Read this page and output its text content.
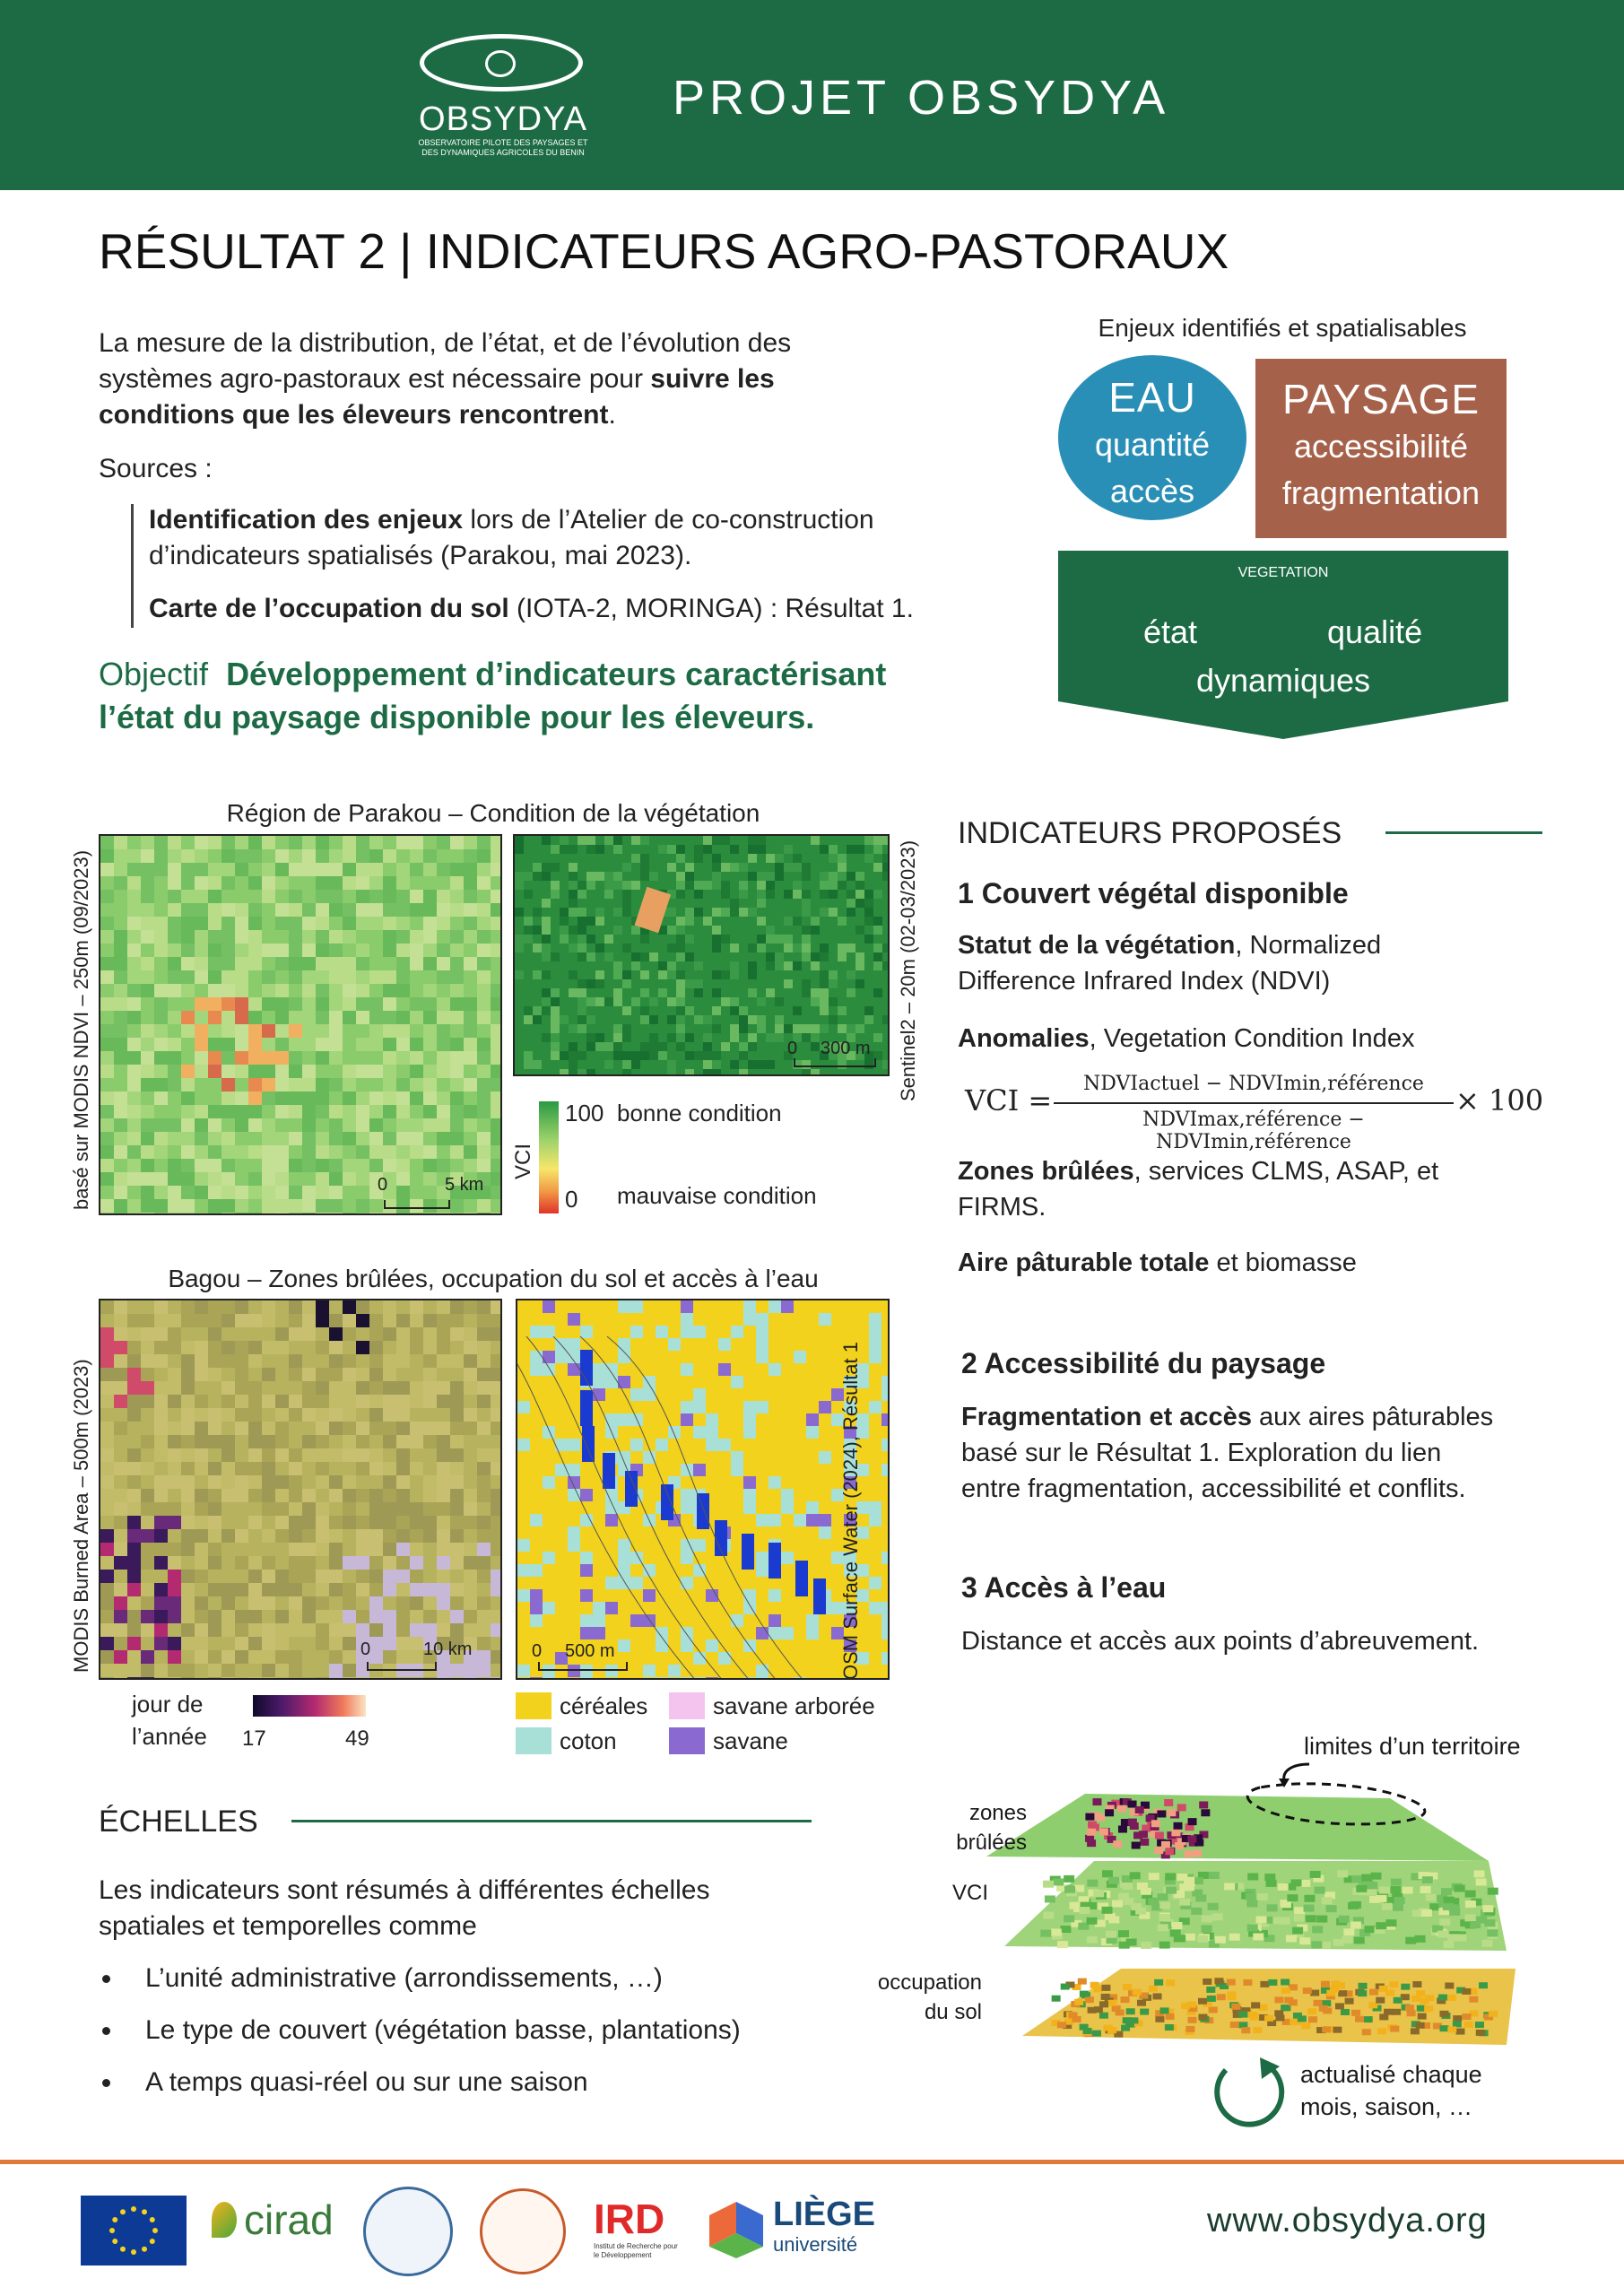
OBSYDYA
OBSERVATOIRE PILOTE DES PAYSAGES ET DES DYNAMIQUES AGRICOLES DU BENIN
PROJET OBSYDYA
RÉSULTAT 2 | INDICATEURS AGRO-PASTORAUX
La mesure de la distribution, de l’état, et de l’évolution des
systèmes agro-pastoraux est nécessaire pour suivre les
conditions que les éleveurs rencontrent.
Sources :
Identification des enjeux lors de l’Atelier de co-construction
d’indicateurs spatialisés (Parakou, mai 2023).
Carte de l’occupation du sol (IOTA-2, MORINGA) : Résultat 1.
Objectif Développement d’indicateurs caractérisant
l’état du paysage disponible pour les éleveurs.
Enjeux identifiés et spatialisables
EAU
quantité
accès
PAYSAGE
accessibilité
fragmentation
VEGETATION
état	qualité
dynamiques
Région de Parakou – Condition de la végétation
basé sur MODIS NDVI – 250m (09/2023)	Sentinel2 – 20m (02-03/2023)
0	5 km
0 300 m
VCI
100 bonne condition
0 mauvaise condition
Bagou – Zones brûlées, occupation du sol et accès à l’eau
MODIS Burned Area – 500m (2023)	OSM Surface Water (2024), Résultat 1
0	10 km	0 500 m
jour de
l’année 17	49
céréales
coton
savane arborée
savane
INDICATEURS PROPOSÉS
1 Couvert végétal disponible
Statut de la végétation, Normalized
Difference Infrared Index (NDVI)
Anomalies, Vegetation Condition Index
VCI =	NDVIactuel − NDVImin,référence
NDVImax,référence − NDVImin,référence
× 100
Zones brûlées, services CLMS, ASAP, et
FIRMS.
Aire pâturable totale et biomasse
2 Accessibilité du paysage
Fragmentation et accès aux aires pâturables
basé sur le Résultat 1. Exploration du lien
entre fragmentation, accessibilité et conflits.
3 Accès à l’eau
Distance et accès aux points d’abreuvement.
ÉCHELLES
Les indicateurs sont résumés à différentes échelles
spatiales et temporelles comme
L’unité administrative (arrondissements, …)
Le type de couvert (végétation basse, plantations)
A temps quasi-réel ou sur une saison
limites d’un territoire
zones
brûlées
VCI
occupation
du sol
actualisé chaque
mois, saison, …
cirad	IRD
Institut de Recherche pour le Développement
LIÈGE
université
www.obsydya.org
